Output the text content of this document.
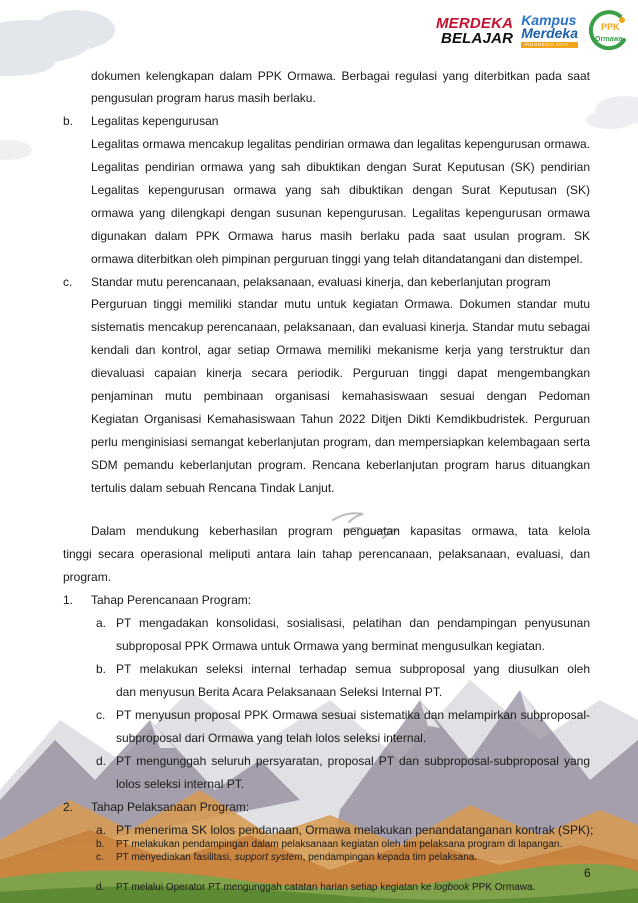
MERDEKA
BELAJAR
Kampus
Merdeka
INDONESIA JAYA
PPK
Ormawa
dokumen kelengkapan dalam PPK Ormawa. Berbagai regulasi yang diterbitkan pada saat
pengusulan program harus masih berlaku.
b. Legalitas kepengurusan
Legalitas ormawa mencakup legalitas pendirian ormawa dan legalitas kepengurusan ormawa.
Legalitas pendirian ormawa yang sah dibuktikan dengan Surat Keputusan (SK) pendirian
Legalitas kepengurusan ormawa yang sah dibuktikan dengan Surat Keputusan (SK)
ormawa yang dilengkapi dengan susunan kepengurusan. Legalitas kepengurusan ormawa
digunakan dalam PPK Ormawa harus masih berlaku pada saat usulan program. SK
ormawa diterbitkan oleh pimpinan perguruan tinggi yang telah ditandatangani dan distempel.
c. Standar mutu perencanaan, pelaksanaan, evaluasi kinerja, dan keberlanjutan program
Perguruan tinggi memiliki standar mutu untuk kegiatan Ormawa. Dokumen standar mutu
sistematis mencakup perencanaan, pelaksanaan, dan evaluasi kinerja. Standar mutu sebagai
kendali dan kontrol, agar setiap Ormawa memiliki mekanisme kerja yang terstruktur dan
dievaluasi capaian kinerja secara periodik. Perguruan tinggi dapat mengembangkan
penjaminan mutu pembinaan organisasi kemahasiswaan sesuai dengan Pedoman
Kegiatan Organisasi Kemahasiswaan Tahun 2022 Ditjen Dikti Kemdikbudristek. Perguruan
perlu menginisiasi semangat keberlanjutan program, dan mempersiapkan kelembagaan serta
SDM pemandu keberlanjutan program. Rencana keberlanjutan program harus dituangkan
tertulis dalam sebuah Rencana Tindak Lanjut.
Dalam mendukung keberhasilan program penguatan kapasitas ormawa, tata kelola
tinggi secara operasional meliputi antara lain tahap perencanaan, pelaksanaan, evaluasi, dan
program.
1. Tahap Perencanaan Program:
a. PT mengadakan konsolidasi, sosialisasi, pelatihan dan pendampingan penyusunan
subproposal PPK Ormawa untuk Ormawa yang berminat mengusulkan kegiatan.
b. PT melakukan seleksi internal terhadap semua subproposal yang diusulkan oleh
dan menyusun Berita Acara Pelaksanaan Seleksi Internal PT.
c. PT menyusun proposal PPK Ormawa sesuai sistematika dan melampirkan subproposal-
subproposal dari Ormawa yang telah lolos seleksi internal.
d. PT mengunggah seluruh persyaratan, proposal PT dan subproposal-subproposal yang
lolos seleksi internal PT.
2. Tahap Pelaksanaan Program:
a. PT menerima SK lolos pendanaan, Ormawa melakukan penandatanganan kontrak (SPK);
6
b. PT melakukan pendampingan dalam pelaksanaan kegiatan oleh tim pelaksana program di lapangan.
c. PT menyediakan fasilitasi, support system, pendampingan kepada tim pelaksana.
d. PT melalui Operator PT mengunggah catatan harian setiap kegiatan ke logbook PPK Ormawa.
